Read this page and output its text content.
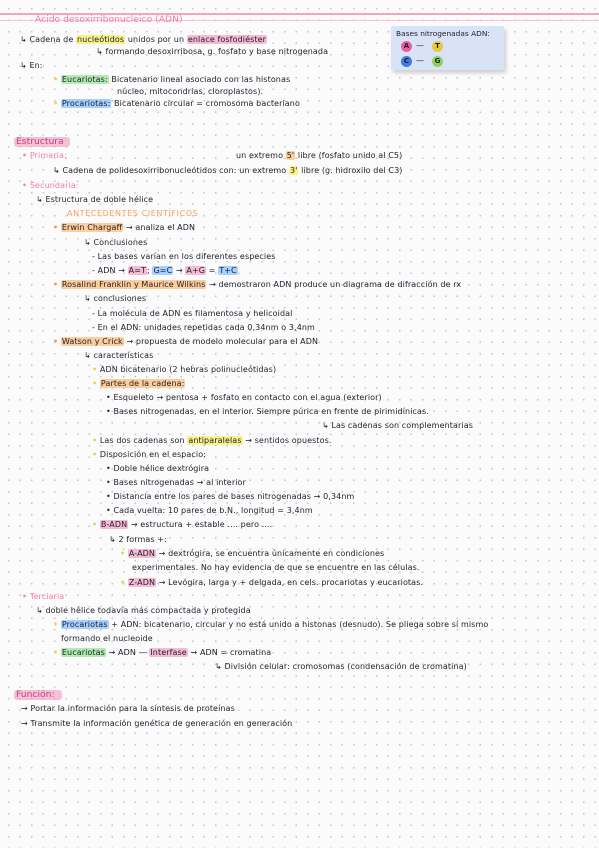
Ácido desoxirribonucleico (ADN)
↳ Cadena de nucleótidos unidos por un enlace fosfodiéster
↳ formando desoxirribosa, g. fosfato y base nitrogenada
↳ En:
• Eucariotas: Bicatenario lineal asociado con las histonas
núcleo, mitocondrias, cloroplastos).
• Procariotas: Bicatenario circular = cromosoma bacteriano
Bases nitrogenadas ADN:
A —	T
C —	G
Estructura
• Primaria:	un extremo 5' libre (fosfato unido al C5)
↳ Cadena de polidesoxirribonucleótidos con: un extremo 3' libre (g. hidroxilo del C3)
• Secundaria:
↳ Estructura de doble hélice
ANTECEDENTES CIENTÍFICOS
• Erwin Chargaff → analiza el ADN
↳ Conclusiones
- Las bases varían en los diferentes especies
- ADN → A=T; G=C → A+G = T+C
• Rosalind Franklin y Maurice Wilkins → demostraron ADN produce un diagrama de difracción de rx
↳ conclusiones
- La molécula de ADN es filamentosa y helicoidal
- En el ADN: unidades repetidas cada 0,34nm o 3,4nm
• Watson y Crick → propuesta de modelo molecular para el ADN
↳ características
• ADN bicatenario (2 hebras polinucleótidas)
• Partes de la cadena:
• Esqueleto → pentosa + fosfato en contacto con el agua (exterior)
• Bases nitrogenadas, en el interior. Siempre púrica en frente de pirimidínicas.
↳ Las cadenas son complementarias
• Las dos cadenas son antiparalelas → sentidos opuestos.
• Disposición en el espacio:
• Doble hélice dextrógira
• Bases nitrogenadas → al interior
• Distancia entre los pares de bases nitrogenadas → 0,34nm
• Cada vuelta: 10 pares de b.N., longitud = 3,4nm
• B-ADN → estructura + estable .... pero ....
↳ 2 formas +:
• A-ADN → dextrógira, se encuentra únicamente en condiciones
experimentales. No hay evidencia de que se encuentre en las células.
• Z-ADN → Levógira, larga y + delgada, en cels. procariotas y eucariotas.
• Terciaria
↳ doble hélice todavía más compactada y protegida
• Procariotas + ADN: bicatenario, circular y no está unido a histonas (desnudo). Se pliega sobre sí mismo
formando el nucleoide
• Eucariotas → ADN — Interfase → ADN = cromatina
↳ División celular: cromosomas (condensación de cromatina)
Función:
→ Portar la información para la síntesis de proteínas
→ Transmite la información genética de generación en generación
